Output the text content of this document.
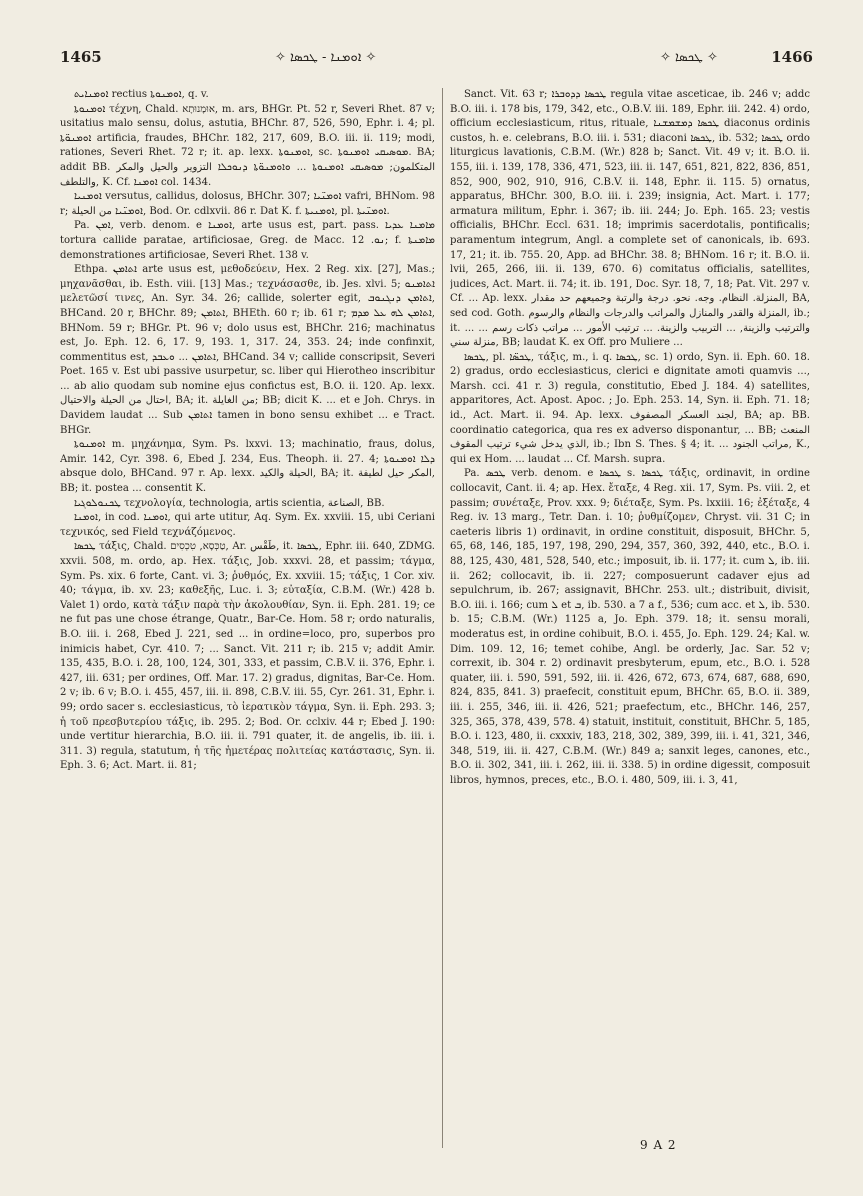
1465	✧ ܐܘܡܢܐ - ܛܟܣܐ ✧	✧ ܛܟܣܐ ✧	1466

ܐܘܡܢܐܝܬ rectius ܐܘܡܢܘܬܐ, q. v.

ܐܘܡܢܘܬܐ τέχνη, Chald. אוּמָנוּתָא, m. ars, BHGr. Pt. 52 r, Severi Rhet. 87 v; usitatius malo sensu, dolus, astutia, BHChr. 87, 526, 590, Ephr. i. 4; pl. ܐܘܡܢܘ̈ܬܐ artificia, fraudes, BHChr. 182, 217, 609, B.O. iii. ii. 119; modi, rationes, Severi Rhet. 72 r; it. ap. lexx. ܐܘܡܢܘܬܐ, sc. ܡܘܣܝܩܝ ܐܘܡܢܘܬܐ. BA; addit BB. المتكلمون; ܡܘܣܝܩܝ ܐܘܡܢܘܬܐ ... ܘܐܘܡܢܘ̈ܬܐ ܕܢܘܟܠܐ التزوير والحيل والمكر والتلطف, K. Cf. ܐܘܡܢܐ col. 1434.

ܐܘܡܢܝܐ versutus, callidus, dolosus, BHChr. 307; ܐܘܡܢ̈ܝܐ vafri, BHNom. 98 r; ܐܘܡܢ̈ܝܐ من الحيلة, Bod. Or. cdlxvii. 86 r. Dat K. f. ܐܘܡܢܝܬܐ, pl. ܐܘܡܢ̈ܝܬܐ.

Pa. ܐܡܢ, verb. denom. e ܐܘܡܢܐ, arte usus est, part. pass. ܡܐܡܢܐ ܥܕܝܐ tortura callide paratae, artificiosae, Greg. de Macc. ܢܘ. 12; f. ܡܐܡܢܬܐ demonstrationes artificiosae, Severi Rhet. 138 v.

Ethpa. ܐܬܐܡܢ arte usus est, μεθοδεύειν, Hex. 2 Reg. xix. [27], Mas.; μηχανᾶσθαι, ib. Esth. viii. [13] Mas.; τεχνάσασθε, ib. Jes. xlvi. 5; ܐܬܐܡܢܘ μελετῶσί τινες, An. Syr. 34. 26; callide, solerter egit, ܐܬܐܡܢ ܕܢܓܢܘܒ, BHCand. 20 r, BHChr. 89; ܐܬܐܡܢ, BHEth. 60 r; ib. 61 r; ܐܬܐܡܢ ܠܗ ܥܠ ܡܕܡ, BHNom. 59 r; BHGr. Pt. 96 v; dolo usus est, BHChr. 216; machinatus est, Jo. Eph. 12. 6, 17. 9, 193. 1, 317. 24, 353. 24; inde confinxit, commentitus est, ܐܬܐܡܢ ... ܘܥܒܕ, BHCand. 34 v; callide conscripsit, Severi Poet. 165 v. Est ubi passive usurpetur, sc. liber qui Hierotheo inscribitur ... ab alio quodam sub nomine ejus confictus est, B.O. ii. 120. Ap. lexx. احتال من الحيلة والاحتيال, BA; it. من الغايلة; BB; dicit K. ... et e Joh. Chrys. in Davidem laudat ... Sub ܐܬܐܡܢ tamen in bono sensu exhibet ... e Tract. BHGr.

ܐܘܡܢܘܬܐ m. μηχάνημα, Sym. Ps. lxxvi. 13; machinatio, fraus, dolus, Amir. 142, Cyr. 398. 6, Ebed J. 234, Eus. Theoph. ii. 27. 4; ܕܠܐ ܐܘܡܢܘܬܐ absque dolo, BHCand. 97 r. Ap. lexx. الحيلة والكيد, BA; it. المكر حيل لطيفة, BB; it. postea ... consentit K.

ܛܟܢܘܠܘܓܝܐ τεχνολογία, technologia, artis scientia, الصناعة, BB.

ܐܘܡܢܐ, in cod. ܐܘܡܢܐ, qui arte utitur, Aq. Sym. Ex. xxviii. 15, ubi Ceriani τεχνικός, sed Field τεχνάζόμενος.

ܛܟܣܐ τάξις, Chald. טַכְּסָא, טִכְסִים, Ar. طَقْس, it. ܛܟܣܐ, Ephr. iii. 640, ZDMG. xxvii. 508, m. ordo, ap. Hex. τάξις, Job. xxxvi. 28, et passim; τάγμα, Sym. Ps. xix. 6 forte, Cant. vi. 3; ῥυθμός, Ex. xxviii. 15; τάξις, 1 Cor. xiv. 40; τάγμα, ib. xv. 23; καθεξῆς, Luc. i. 3; εὐταξία, C.B.M. (Wr.) 428 b. Valet 1) ordo, κατὰ τάξιν παρὰ τὴν ἀκολουθίαν, Syn. ii. Eph. 281. 19; ce ne fut pas une chose étrange, Quatr., Bar-Ce. Hom. 58 r; ordo naturalis, B.O. iii. i. 268, Ebed J. 221, sed ... in ordine=loco, pro, superbos pro inimicis habet, Cyr. 410. 7; ... Sanct. Vit. 211 r; ib. 215 v; addit Amir. 135, 435, B.O. i. 28, 100, 124, 301, 333, et passim, C.B.V. ii. 376, Ephr. i. 427, iii. 631; per ordines, Off. Mar. 17. 2) gradus, dignitas, Bar-Ce. Hom. 2 v; ib. 6 v; B.O. i. 455, 457, iii. ii. 898, C.B.V. iii. 55, Cyr. 261. 31, Ephr. i. 99; ordo sacer s. ecclesiasticus, τὸ ἱερατικὸν τάγμα, Syn. ii. Eph. 293. 3; ἡ τοῦ πρεσβυτερίου τάξις, ib. 295. 2; Bod. Or. cclxiv. 44 r; Ebed J. 190: unde vertitur hierarchia, B.O. iii. ii. 791 quater, it. de angelis, ib. iii. i. 311. 3) regula, statutum, ἡ τῆς ἡμετέρας πολιτείας κατάστασις, Syn. ii. Eph. 3. 6; Act. Mart. ii. 81;

Sanct. Vit. 63 r; ܛܟܣܐ ܕܕܘܒܪܐ regula vitae asceticae, ib. 246 v; addc B.O. iii. i. 178 bis, 179, 342, etc., O.B.V. iii. 189, Ephr. iii. 242. 4) ordo, officium ecclesiasticum, ritus, rituale, ܛܟܣܐ ܕܡܫܡܫܢܐ diaconus ordinis custos, h. e. celebrans, B.O. iii. i. 531; diaconi ܛܟܣܐ, ib. 532; ܛܟܣܐ ordo liturgicus lavationis, C.B.M. (Wr.) 828 b; Sanct. Vit. 49 v; it. B.O. ii. 155, iii. i. 139, 178, 336, 471, 523, iii. ii. 147, 651, 821, 822, 836, 851, 852, 900, 902, 910, 916, C.B.V. ii. 148, Ephr. ii. 115. 5) ornatus, apparatus, BHChr. 300, B.O. iii. i. 239; insignia, Act. Mart. i. 177; armatura militum, Ephr. i. 367; ib. iii. 244; Jo. Eph. 165. 23; vestis officialis, BHChr. Eccl. 631. 18; imprimis sacerdotalis, pontificalis; paramentum integrum, Angl. a complete set of canonicals, ib. 693. 17, 21; it. ib. 755. 20, App. ad BHChr. 38. 8; BHNom. 16 r; it. B.O. ii. lvii, 265, 266, iii. ii. 139, 670. 6) comitatus officialis, satellites, judices, Act. Mart. ii. 74; it. ib. 191, Doc. Syr. 18, 7, 18; Pat. Vit. 297 v. Cf. ... Ap. lexx. المنزلة. النظام. وجه. نحو. درجة والرتبة وجميعهم حد مقدار, BA, sed cod. Goth. المنزلة والقدر والمنازل والمراتب والدرجات والنظام والرسوم, ib.; it. ... والترتيب والزينة, ... التربيب والزينة. ... ترتيب الأمور ... مراتب ذكات رسم ... منزلة سني, BB; laudat K. ex Off. pro Muliere ...

ܛܟܣܐ, pl. ܛܟܣ̈ܐ, τάξις, m., i. q. ܛܟܣܐ, sc. 1) ordo, Syn. ii. Eph. 60. 18. 2) gradus, ordo ecclesiasticus, clerici e dignitate amoti quamvis ..., Marsh. cci. 41 r. 3) regula, constitutio, Ebed J. 184. 4) satellites, apparitores, Act. Apost. Apoc. ; Jo. Eph. 253. 14, Syn. ii. Eph. 71. 18; id., Act. Mart. ii. 94. Ap. lexx. لجند العسكر المصفوف, BA; ap. BB. coordinatio categorica, qua res ex adverso disponantur, ... BB; المنعث الذي يدخل شيء ترتيب المقوف, ib.; Ibn S. Thes. § 4; it. ... مراتب الجنود, K., qui ex Hom. ... laudat ... Cf. Marsh. supra.

Pa. ܛܟܣ verb. denom. e ܛܟܣܐ s. ܛܟܣܐ τάξις, ordinavit, in ordine collocavit, Cant. ii. 4; ap. Hex. ἔταξε, 4 Reg. xii. 17, Sym. Ps. viii. 2, et passim; συνέταξε, Prov. xxx. 9; διέταξε, Sym. Ps. lxxiii. 16; ἐξέταξε, 4 Reg. iv. 13 marg., Tetr. Dan. i. 10; ῥυθμίζομεν, Chryst. vii. 31 C; in caeteris libris 1) ordinavit, in ordine constituit, disposuit, BHChr. 5, 65, 68, 146, 185, 197, 198, 290, 294, 357, 360, 392, 440, etc., B.O. i. 88, 125, 430, 481, 528, 540, etc.; imposuit, ib. ii. 177; it. cum ܠ, ib. iii. ii. 262; collocavit, ib. ii. 227; composuerunt cadaver ejus ad sepulchrum, ib. 267; assignavit, BHChr. 253. ult.; distribuit, divisit, B.O. iii. i. 166; cum ܠ et ܒ, ib. 530. a 7 a f., 536; cum acc. et ܠ, ib. 530. b. 15; C.B.M. (Wr.) 1125 a, Jo. Eph. 379. 18; it. sensu morali, moderatus est, in ordine cohibuit, B.O. i. 455, Jo. Eph. 129. 24; Kal. w. Dim. 109. 12, 16; temet cohibe, Angl. be orderly, Jac. Sar. 52 v; correxit, ib. 304 r. 2) ordinavit presbyterum, epum, etc., B.O. i. 528 quater, iii. i. 590, 591, 592, iii. ii. 426, 672, 673, 674, 687, 688, 690, 824, 835, 841. 3) praefecit, constituit epum, BHChr. 65, B.O. ii. 389, iii. i. 255, 346, iii. ii. 426, 521; praefectum, etc., BHChr. 146, 257, 325, 365, 378, 439, 578. 4) statuit, instituit, constituit, BHChr. 5, 185, B.O. i. 123, 480, ii. cxxxiv, 183, 218, 302, 389, 399, iii. i. 41, 321, 346, 348, 519, iii. ii. 427, C.B.M. (Wr.) 849 a; sanxit leges, canones, etc., B.O. ii. 302, 341, iii. i. 262, iii. ii. 338. 5) in ordine digessit, composuit libros, hymnos, preces, etc., B.O. i. 480, 509, iii. i. 3, 41,

9 A 2
